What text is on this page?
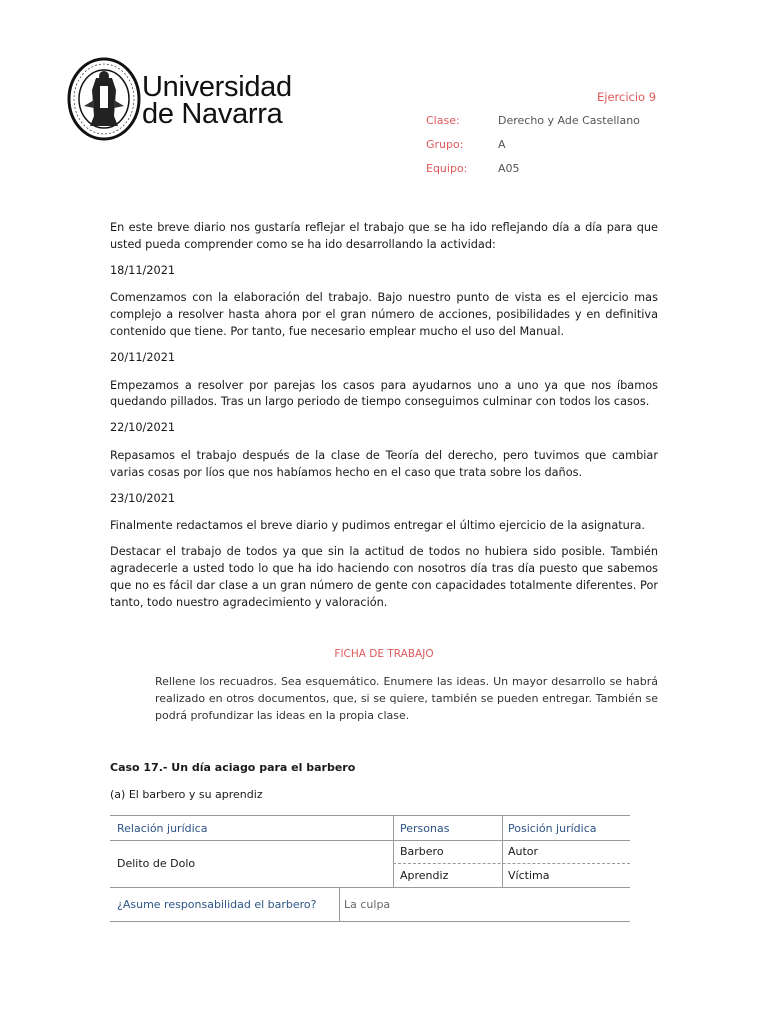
Universidad
de Navarra
Ejercicio 9
Clase:	Derecho y Ade Castellano
Grupo:	A
Equipo:	A05

En este breve diario nos gustaría reflejar el trabajo que se ha ido reflejando día a día para que usted pueda comprender como se ha ido desarrollando la actividad:

18/11/2021

Comenzamos con la elaboración del trabajo. Bajo nuestro punto de vista es el ejercicio mas complejo a resolver hasta ahora por el gran número de acciones, posibilidades y en definitiva contenido que tiene. Por tanto, fue necesario emplear mucho el uso del Manual.

20/11/2021

Empezamos a resolver por parejas los casos para ayudarnos uno a uno ya que nos íbamos quedando pillados. Tras un largo periodo de tiempo conseguimos culminar con todos los casos.

22/10/2021

Repasamos el trabajo después de la clase de Teoría del derecho, pero tuvimos que cambiar varias cosas por líos que nos habíamos hecho en el caso que trata sobre los daños.

23/10/2021

Finalmente redactamos el breve diario y pudimos entregar el último ejercicio de la asignatura.

Destacar el trabajo de todos ya que sin la actitud de todos no hubiera sido posible. También agradecerle a usted todo lo que ha ido haciendo con nosotros día tras día puesto que sabemos que no es fácil dar clase a un gran número de gente con capacidades totalmente diferentes. Por tanto, todo nuestro agradecimiento y valoración.

FICHA DE TRABAJO
Rellene los recuadros. Sea esquemático. Enumere las ideas. Un mayor desarrollo se habrá realizado en otros documentos, que, si se quiere, también se pueden entregar. También se podrá profundizar las ideas en la propia clase.
Caso 17.- Un día aciago para el barbero
(a) El barbero y su aprendiz
Relación jurídica	Personas	Posición jurídica
Delito de Dolo
Barbero	Autor
Aprendiz	Víctima
¿Asume responsabilidad el barbero?	La culpa
